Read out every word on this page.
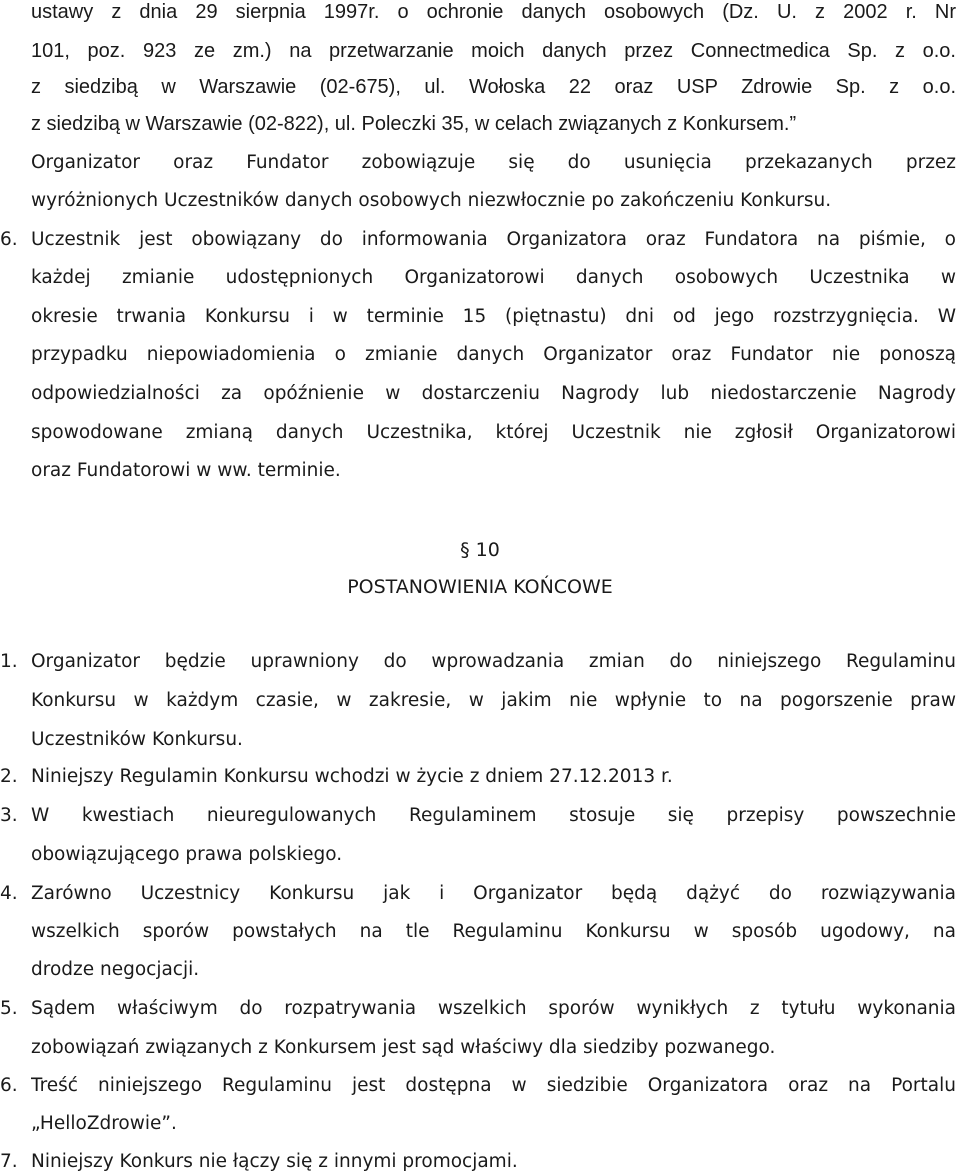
ustawy z dnia 29 sierpnia 1997r. o ochronie danych osobowych (Dz. U. z 2002 r. Nr
101, poz. 923 ze zm.) na przetwarzanie moich danych przez Connectmedica Sp. z o.o.
z siedzibą w Warszawie (02-675), ul. Wołoska 22 oraz USP Zdrowie Sp. z o.o.
z siedzibą w Warszawie (02-822), ul. Poleczki 35, w celach związanych z Konkursem.”
Organizator oraz Fundator zobowiązuje się do usunięcia przekazanych przez
wyróżnionych Uczestników danych osobowych niezwłocznie po zakończeniu Konkursu.
6. Uczestnik jest obowiązany do informowania Organizatora oraz Fundatora na piśmie, o
każdej zmianie udostępnionych Organizatorowi danych osobowych Uczestnika w
okresie trwania Konkursu i w terminie 15 (piętnastu) dni od jego rozstrzygnięcia. W
przypadku niepowiadomienia o zmianie danych Organizator oraz Fundator nie ponoszą
odpowiedzialności za opóźnienie w dostarczeniu Nagrody lub niedostarczenie Nagrody
spowodowane zmianą danych Uczestnika, której Uczestnik nie zgłosił Organizatorowi
oraz Fundatorowi w ww. terminie.
§ 10
POSTANOWIENIA KOŃCOWE
1. Organizator będzie uprawniony do wprowadzania zmian do niniejszego Regulaminu
Konkursu w każdym czasie, w zakresie, w jakim nie wpłynie to na pogorszenie praw
Uczestników Konkursu.
2. Niniejszy Regulamin Konkursu wchodzi w życie z dniem 27.12.2013 r.
3. W kwestiach nieuregulowanych Regulaminem stosuje się przepisy powszechnie
obowiązującego prawa polskiego.
4. Zarówno Uczestnicy Konkursu jak i Organizator będą dążyć do rozwiązywania
wszelkich sporów powstałych na tle Regulaminu Konkursu w sposób ugodowy, na
drodze negocjacji.
5. Sądem właściwym do rozpatrywania wszelkich sporów wynikłych z tytułu wykonania
zobowiązań związanych z Konkursem jest sąd właściwy dla siedziby pozwanego.
6. Treść niniejszego Regulaminu jest dostępna w siedzibie Organizatora oraz na Portalu
„HelloZdrowie”.
7. Niniejszy Konkurs nie łączy się z innymi promocjami.
